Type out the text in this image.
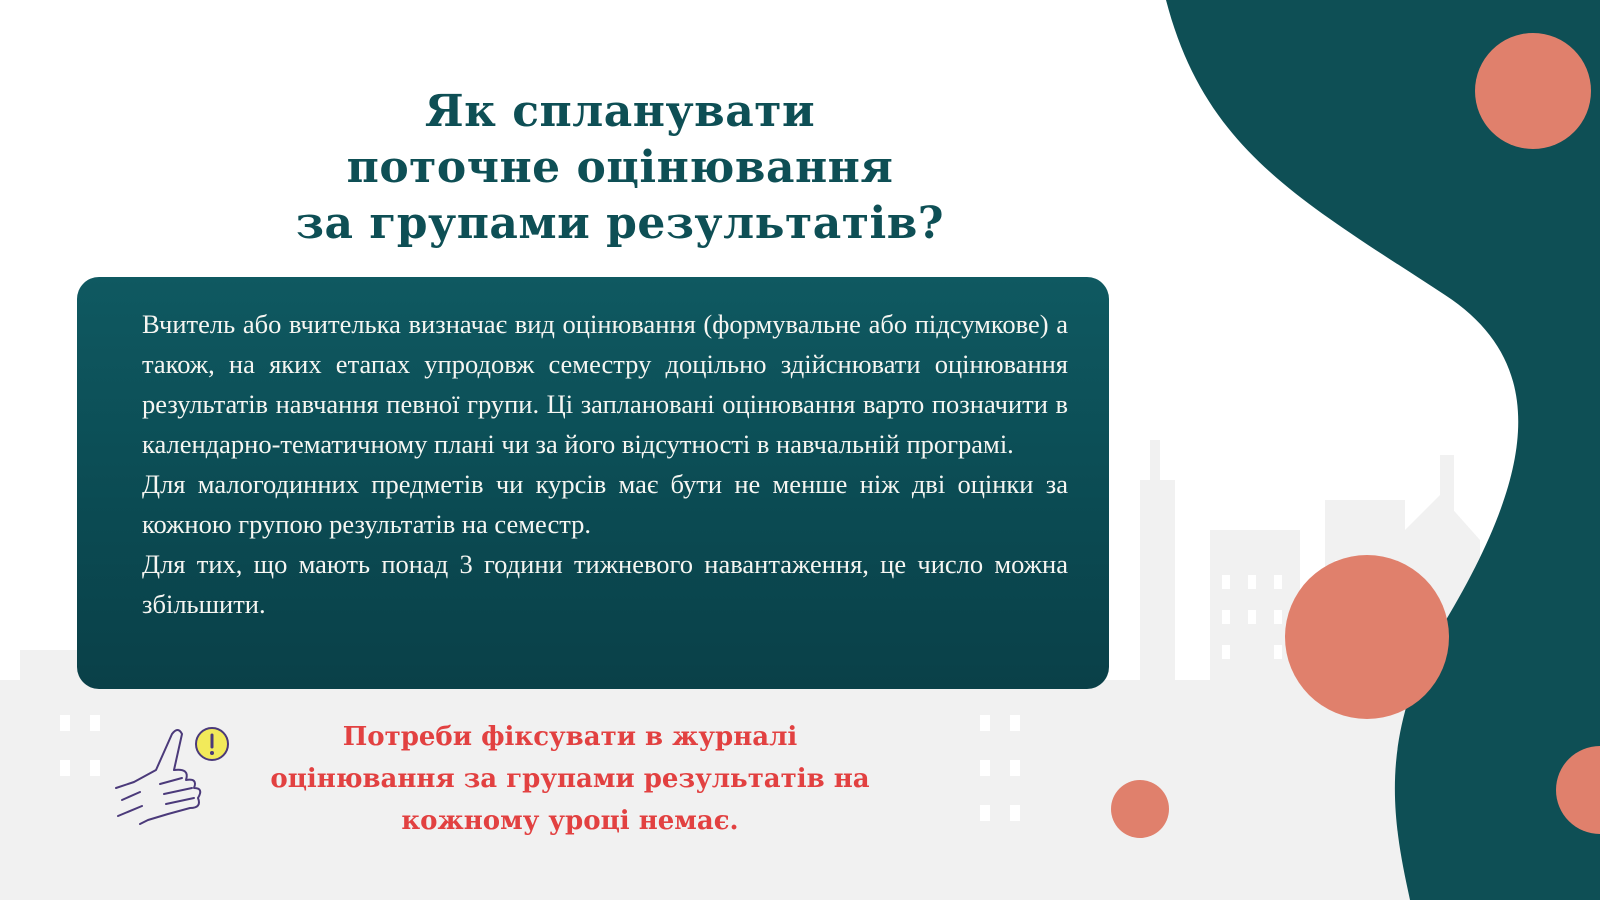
Як спланувати
поточне оцінювання
за групами результатів?

Вчитель або вчителька визначає вид оцінювання (формувальне або підсумкове) а також, на яких етапах упродовж семестру доцільно здійснювати оцінювання результатів навчання певної групи. Ці заплановані оцінювання варто позначити в календарно-тематичному плані чи за його відсутності в навчальній програмі.

Для малогодинних предметів чи курсів має бути не менше ніж дві оцінки за кожною групою результатів на семестр.

Для тих, що мають понад 3 години тижневого навантаження, це число можна збільшити.

Потреби фіксувати в журналі
оцінювання за групами результатів на
кожному уроці немає.
